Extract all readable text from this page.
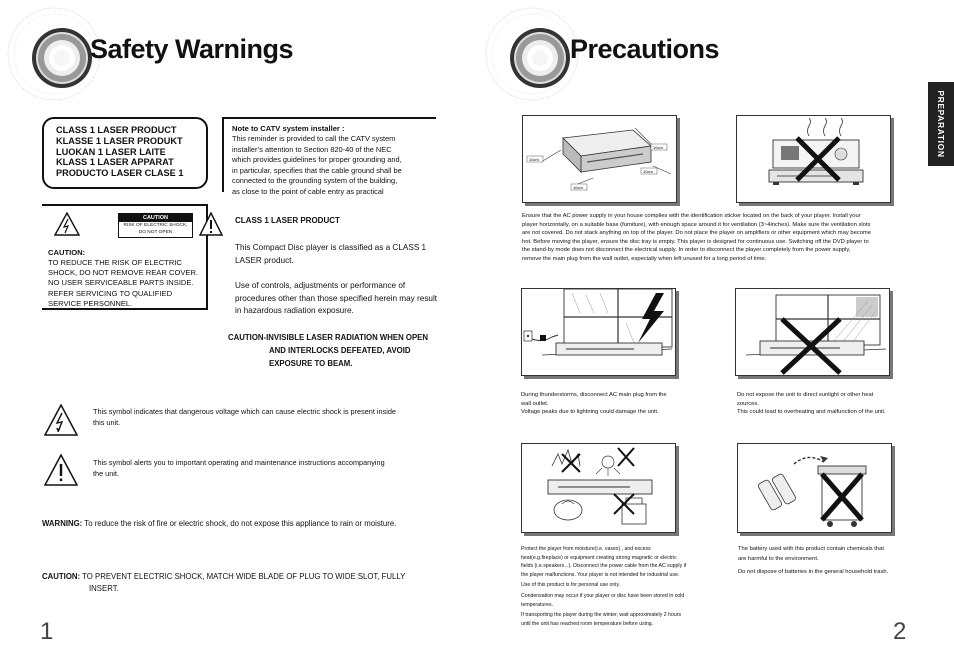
Safety Warnings
CLASS 1 LASER PRODUCT
KLASSE 1 LASER PRODUKT
LUOKAN 1 LASER LAITE
KLASS 1 LASER APPARAT
PRODUCTO LASER CLASE 1
Note to CATV system installer :
This reminder is provided to call the CATV system
installer’s attention to Section 820-40 of the NEC
which provides guidelines for proper grounding and,
in particular, specifies that the cable ground shall be
connected to the grounding system of the building,
as close to the point of cable entry as practical
CAUTION
RISK OF ELECTRIC SHOCK,
DO NOT OPEN
CAUTION:
TO REDUCE THE RISK OF ELECTRIC
SHOCK, DO NOT REMOVE REAR COVER.
NO USER SERVICEABLE PARTS INSIDE.
REFER SERVICING TO QUALIFIED
SERVICE PERSONNEL.
CLASS 1 LASER PRODUCT
This Compact Disc player is classified as a CLASS 1
LASER product.
Use of controls, adjustments or performance of
procedures other than those specified herein may result
in hazardous radiation exposure.
CAUTION-INVISIBLE LASER RADIATION WHEN OPEN
AND INTERLOCKS DEFEATED, AVOID
EXPOSURE TO BEAM.
This symbol indicates that dangerous voltage which can cause electric shock is present inside
this unit.
This symbol alerts you to important operating and maintenance instructions accompanying
the unit.
WARNING: To reduce the risk of fire or electric shock, do not expose this appliance to rain or moisture.
CAUTION: TO PREVENT ELECTRIC SHOCK, MATCH WIDE BLADE OF PLUG TO WIDE SLOT, FULLY
INSERT.
1
Precautions
PREPARATION
10cm
10cm
10cm
10cm
Ensure that the AC power supply in your house complies with the identification sticker located on the back of your player. Install your
player horizontally, on a suitable base (furniture), with enough space around it for ventilation (3~4inches). Make sure the ventilation slots
are not covered. Do not stack anything on top of the player. Do not place the player on amplifiers or other equipment which may become
hot. Before moving the player, ensure the disc tray is empty. This player is designed for continuous use. Switching off the DVD player to
the stand-by mode does not disconnect the electrical supply. In order to disconnect the player completely from the power supply,
remove the main plug from the wall outlet, especially when left unused for a long period of time.
During thunderstorms, disconnect AC main plug from the
wall outlet.
Voltage peaks due to lightning could damage the unit.
Do not expose the unit to direct sunlight or other heat
sources.
This could lead to overheating and malfunction of the unit.
Protect the player from moisture(i.e. vases) , and excess
heat(e.g.fireplace) or equipment creating strong magnetic or electric
fields (i.e.speakers...). Disconnect the power cable from the AC supply if
the player malfunctions. Your player is not intended for industrial use.
Use of this product is for personal use only.
Condensation may occur if your player or disc have been stored in cold
temperatures.
If transporting the player during the winter, wait approximately 2 hours
until the unit has reached room temperature before using.
The battery used with this product contain chemicals that
are harmful to the environment.
Do not dispose of batteries in the general household trash.
2
